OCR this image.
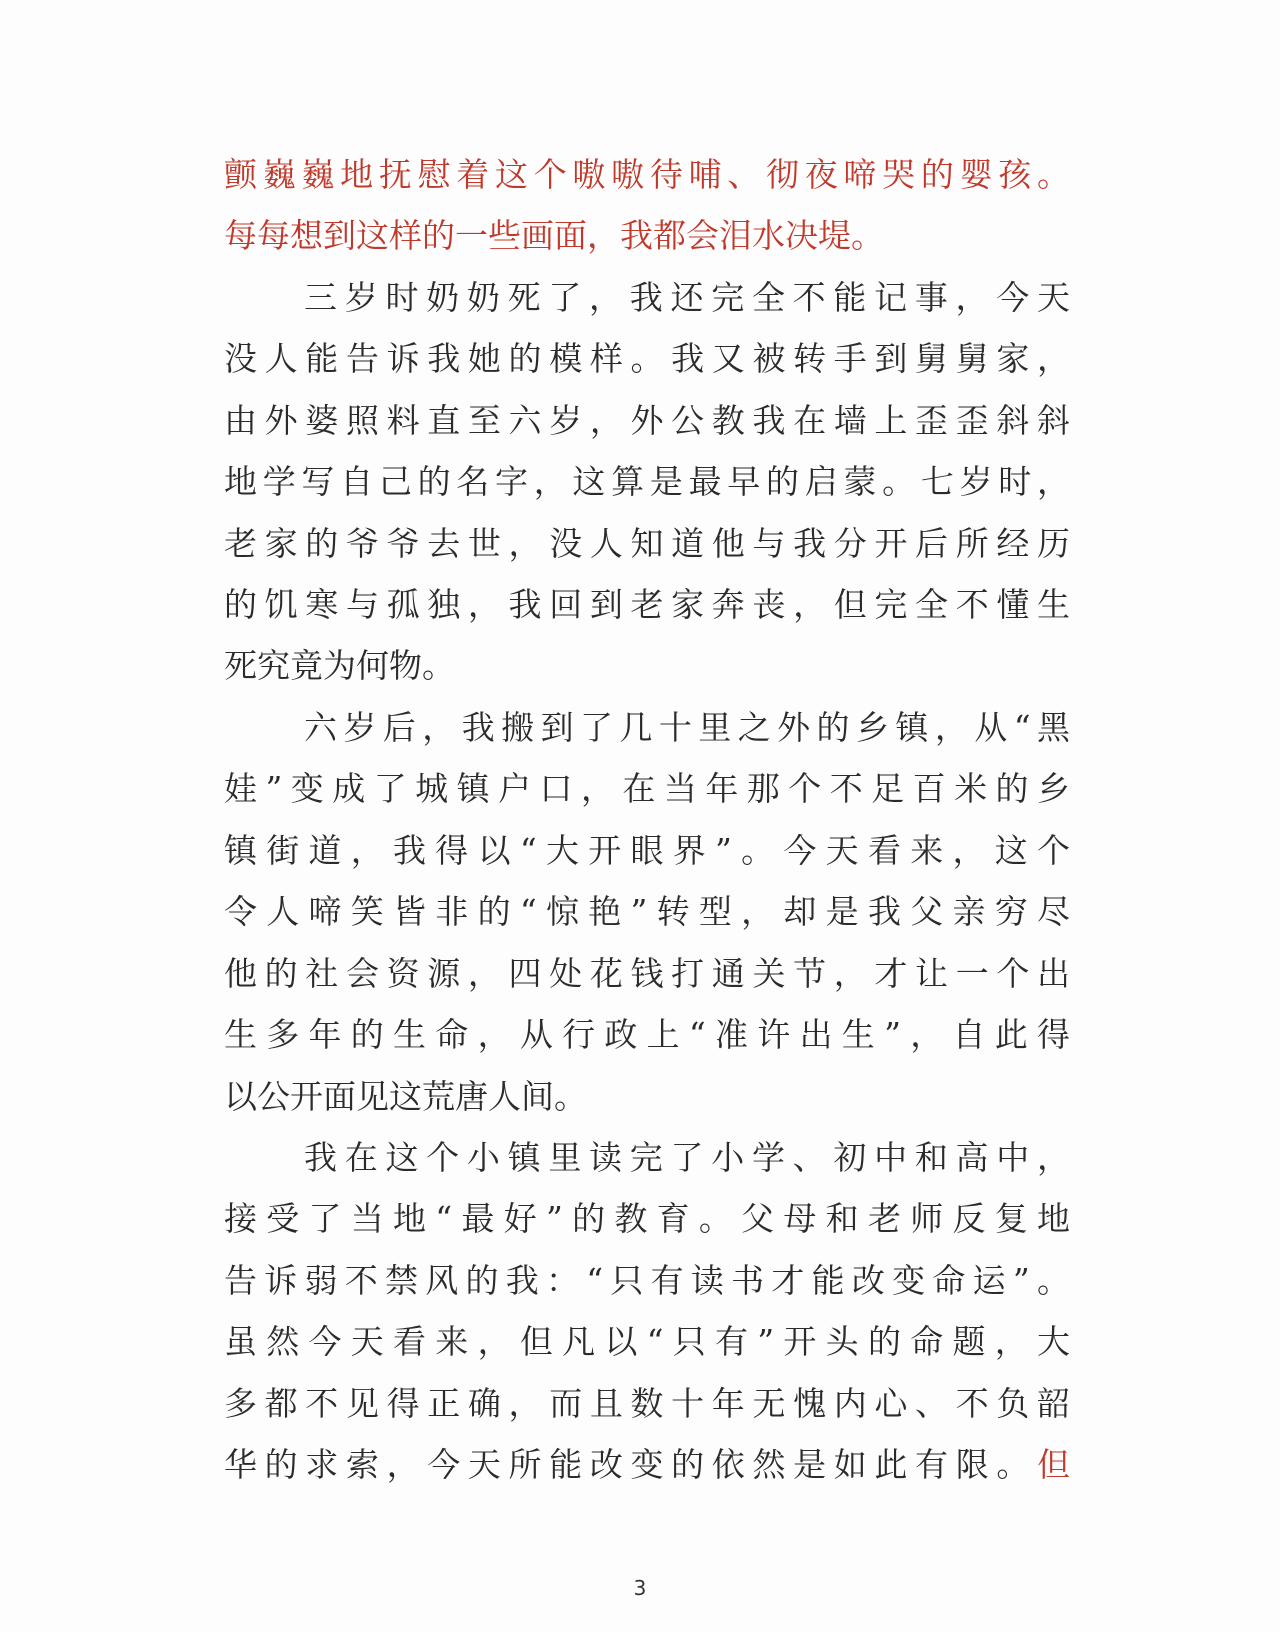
颤巍巍地抚慰着这个嗷嗷待哺、彻夜啼哭的婴孩。
每每想到这样的一些画面，我都会泪水决堤。
三岁时奶奶死了，我还完全不能记事，今天
没人能告诉我她的模样。我又被转手到舅舅家，
由外婆照料直至六岁，外公教我在墙上歪歪斜斜
地学写自己的名字，这算是最早的启蒙。七岁时，
老家的爷爷去世，没人知道他与我分开后所经历
的饥寒与孤独，我回到老家奔丧，但完全不懂生
死究竟为何物。
六岁后，我搬到了几十里之外的乡镇，从“黑
娃”变成了城镇户口，在当年那个不足百米的乡
镇街道，我得以“大开眼界”。今天看来，这个
令人啼笑皆非的“惊艳”转型，却是我父亲穷尽
他的社会资源，四处花钱打通关节，才让一个出
生多年的生命，从行政上“准许出生”，自此得
以公开面见这荒唐人间。
我在这个小镇里读完了小学、初中和高中，
接受了当地“最好”的教育。父母和老师反复地
告诉弱不禁风的我：“只有读书才能改变命运”。
虽然今天看来，但凡以“只有”开头的命题，大
多都不见得正确，而且数十年无愧内心、不负韶
华的求索，今天所能改变的依然是如此有限。但
3
